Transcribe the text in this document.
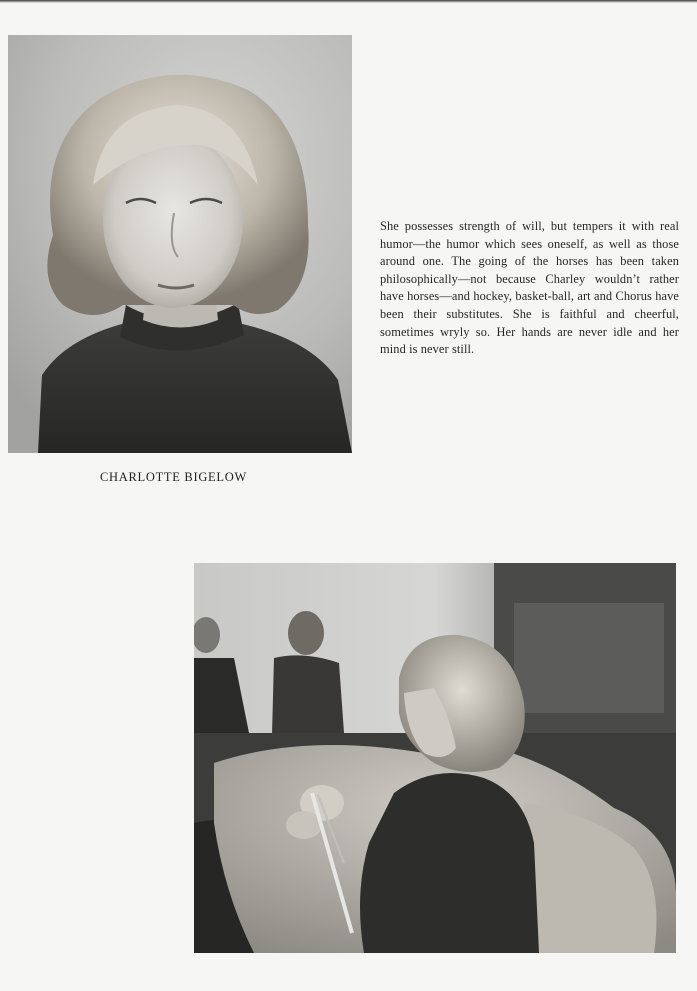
She possesses strength of will, but tempers it with real humor—the humor which sees oneself, as well as those around one. The going of the horses has been taken philosophically—not because Charley wouldn’t rather have horses—and hockey, basket-ball, art and Chorus have been their substitutes. She is faithful and cheerful, sometimes wryly so. Her hands are never idle and her mind is never still.

CHARLOTTE BIGELOW
